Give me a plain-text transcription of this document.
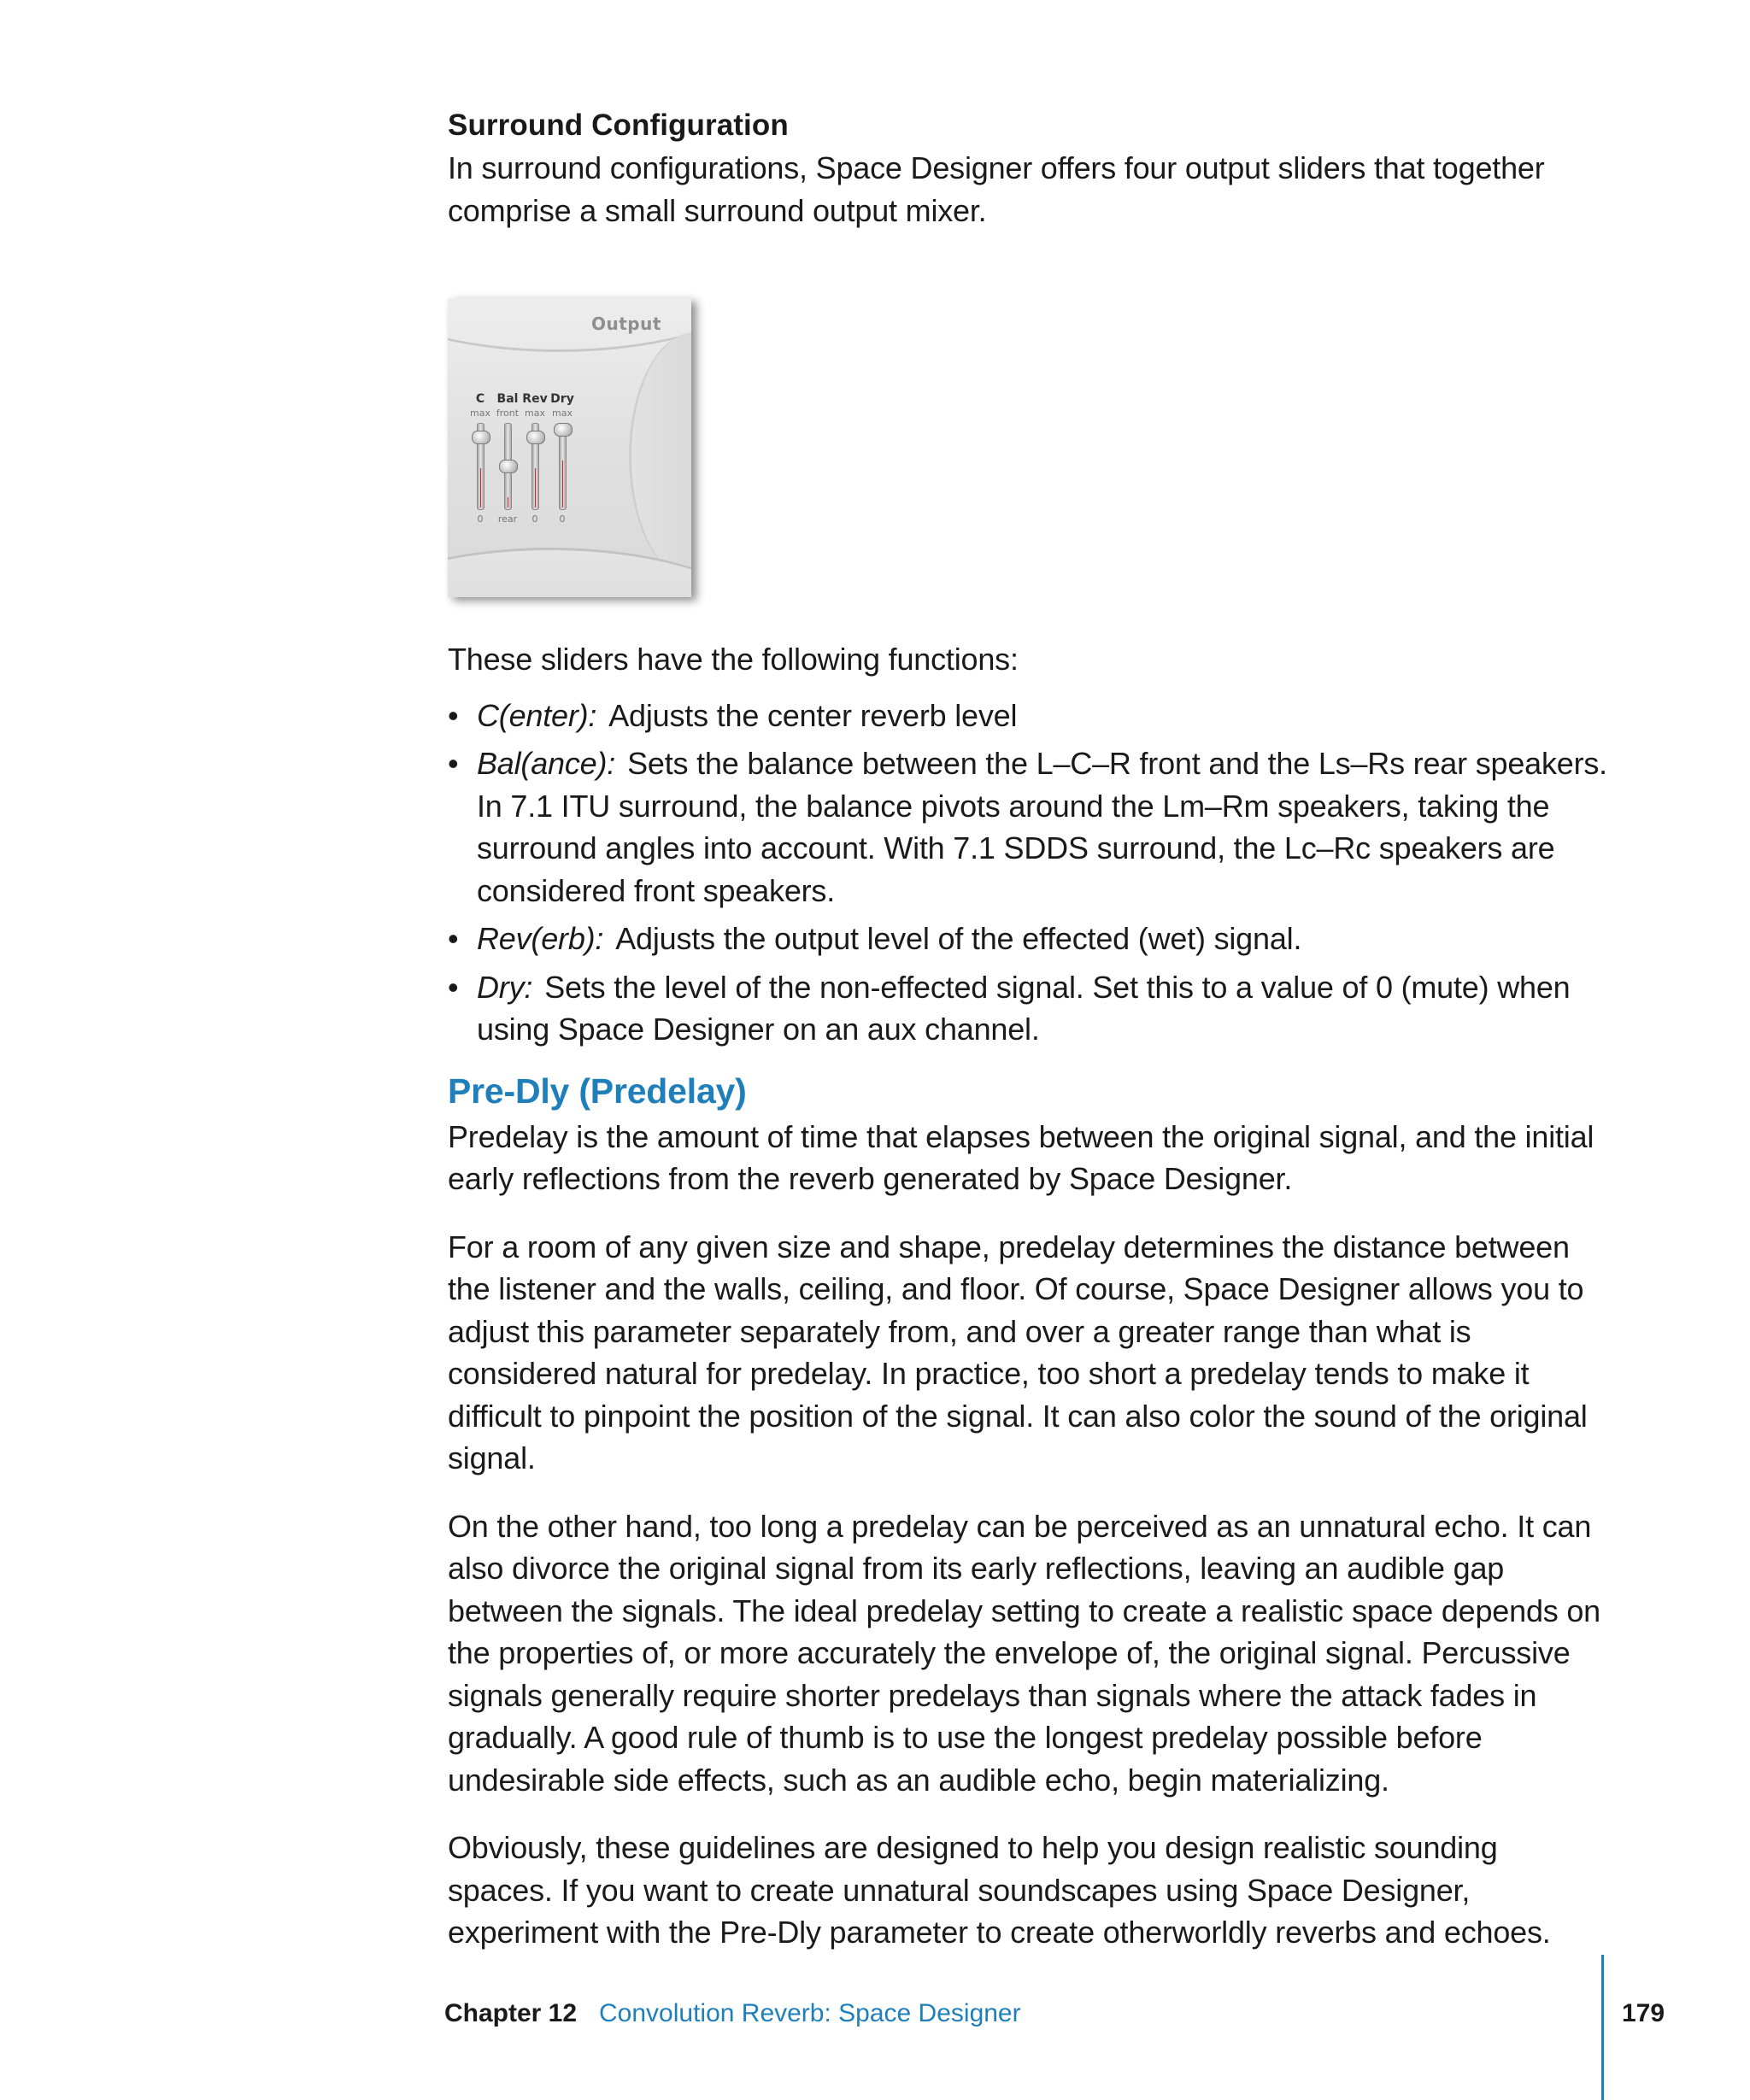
Surround Configuration

In surround configurations, Space Designer offers four output sliders that together comprise a small surround output mixer.

Output
C
max
0
Bal
front
rear
Rev
max
0
Dry
max
0

These sliders have the following functions:

• C(enter): Adjusts the center reverb level
• Bal(ance): Sets the balance between the L–C–R front and the Ls–Rs rear speakers. In 7.1 ITU surround, the balance pivots around the Lm–Rm speakers, taking the surround angles into account. With 7.1 SDDS surround, the Lc–Rc speakers are considered front speakers.
• Rev(erb): Adjusts the output level of the effected (wet) signal.
• Dry: Sets the level of the non-effected signal. Set this to a value of 0 (mute) when using Space Designer on an aux channel.
Pre-Dly (Predelay)

Predelay is the amount of time that elapses between the original signal, and the initial early reflections from the reverb generated by Space Designer.

For a room of any given size and shape, predelay determines the distance between the listener and the walls, ceiling, and floor. Of course, Space Designer allows you to adjust this parameter separately from, and over a greater range than what is considered natural for predelay. In practice, too short a predelay tends to make it difficult to pinpoint the position of the signal. It can also color the sound of the original signal.

On the other hand, too long a predelay can be perceived as an unnatural echo. It can also divorce the original signal from its early reflections, leaving an audible gap between the signals. The ideal predelay setting to create a realistic space depends on the properties of, or more accurately the envelope of, the original signal. Percussive signals generally require shorter predelays than signals where the attack fades in gradually. A good rule of thumb is to use the longest predelay possible before undesirable side effects, such as an audible echo, begin materializing.

Obviously, these guidelines are designed to help you design realistic sounding spaces. If you want to create unnatural soundscapes using Space Designer, experiment with the Pre-Dly parameter to create otherworldly reverbs and echoes.

Chapter 12 Convolution Reverb: Space Designer	179
